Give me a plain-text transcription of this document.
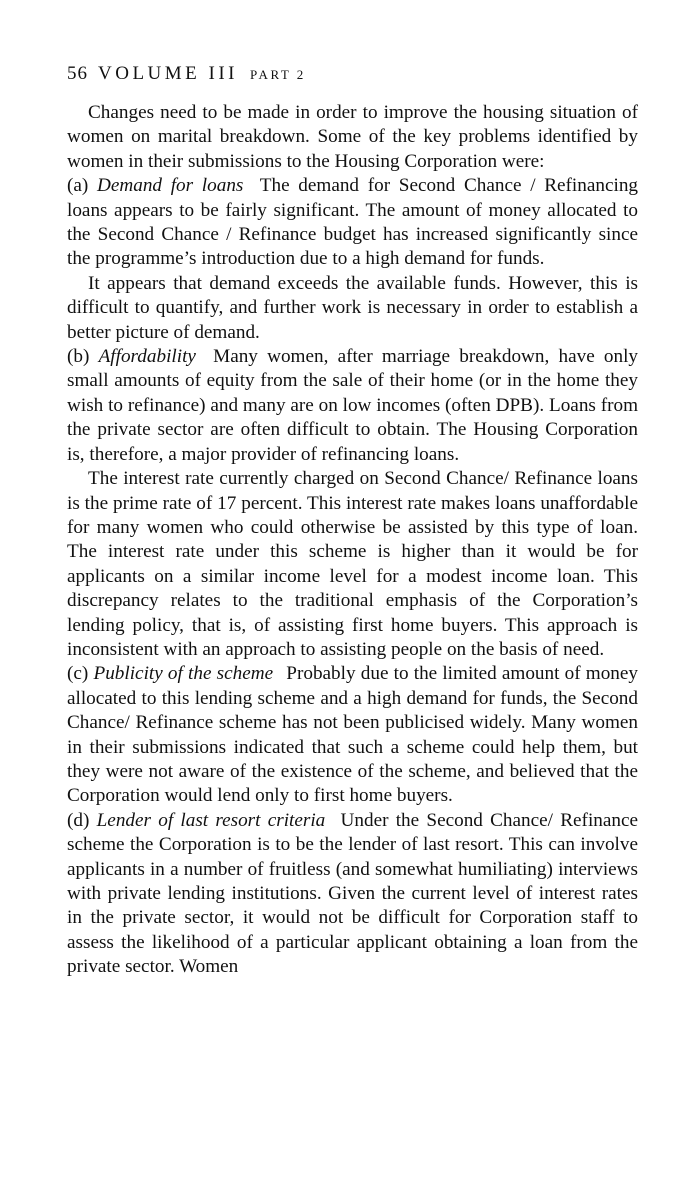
56 VOLUME III PART 2

Changes need to be made in order to improve the housing situation of women on marital breakdown. Some of the key problems identified by women in their submissions to the Housing Corporation were:

(a) Demand for loans The demand for Second Chance / Refinancing loans appears to be fairly significant. The amount of money allocated to the Second Chance / Refinance budget has increased significantly since the programme’s introduction due to a high demand for funds.

It appears that demand exceeds the available funds. However, this is difficult to quantify, and further work is necessary in order to establish a better picture of demand.

(b) Affordability Many women, after marriage breakdown, have only small amounts of equity from the sale of their home (or in the home they wish to refinance) and many are on low incomes (often DPB). Loans from the private sector are often difficult to obtain. The Housing Corporation is, therefore, a major provider of refinancing loans.

The interest rate currently charged on Second Chance/ Refinance loans is the prime rate of 17 percent. This interest rate makes loans unaffordable for many women who could otherwise be assisted by this type of loan. The interest rate under this scheme is higher than it would be for applicants on a similar income level for a modest income loan. This discrepancy relates to the traditional emphasis of the Corporation’s lending policy, that is, of assisting first home buyers. This approach is inconsistent with an approach to assisting people on the basis of need.

(c) Publicity of the scheme Probably due to the limited amount of money allocated to this lending scheme and a high demand for funds, the Second Chance/ Refinance scheme has not been publicised widely. Many women in their submissions indicated that such a scheme could help them, but they were not aware of the existence of the scheme, and believed that the Corporation would lend only to first home buyers.

(d) Lender of last resort criteria Under the Second Chance/ Refinance scheme the Corporation is to be the lender of last resort. This can involve applicants in a number of fruitless (and somewhat humiliating) interviews with private lending institutions. Given the current level of interest rates in the private sector, it would not be difficult for Corporation staff to assess the likelihood of a particular applicant obtaining a loan from the private sector. Women
